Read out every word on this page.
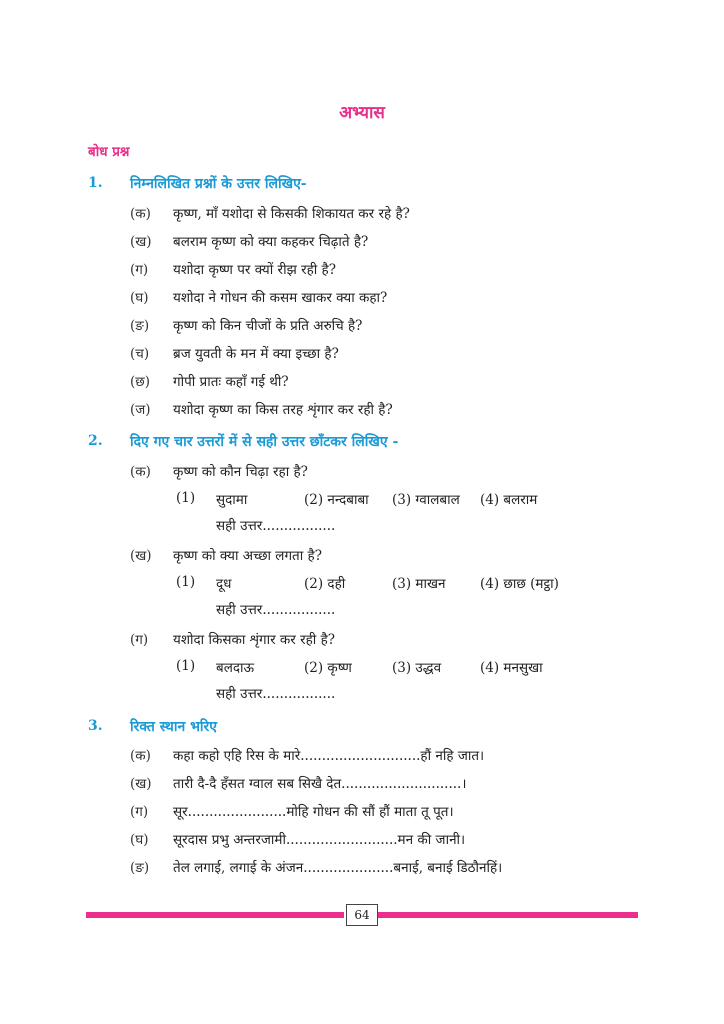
अभ्यास
बोध प्रश्न
1. निम्नलिखित प्रश्नों के उत्तर लिखिए-
(क) कृष्ण, माँ यशोदा से किसकी शिकायत कर रहे है?
(ख) बलराम कृष्ण को क्या कहकर चिढ़ाते है?
(ग) यशोदा कृष्ण पर क्यों रीझ रही है?
(घ) यशोदा ने गोधन की कसम खाकर क्या कहा?
(ङ) कृष्ण को किन चीजों के प्रति अरुचि है?
(च) ब्रज युवती के मन में क्या इच्छा है?
(छ) गोपी प्रातः कहाँ गई थी?
(ज) यशोदा कृष्ण का किस तरह शृंगार कर रही है?
2. दिए गए चार उत्तरों में से सही उत्तर छाँटकर लिखिए -
(क) कृष्ण को कौन चिढ़ा रहा है?
(1) सुदामा	(2) नन्दबाबा (3) ग्वालबाल (4) बलराम
सही उत्तर.................
(ख) कृष्ण को क्या अच्छा लगता है?
(1) दूध	(2) दही	(3) माखन	(4) छाछ (मट्ठा)
सही उत्तर.................
(ग) यशोदा किसका शृंगार कर रही है?
(1) बलदाऊ	(2) कृष्ण	(3) उद्धव	(4) मनसुखा
सही उत्तर.................
3. रिक्त स्थान भरिए
(क) कहा कहो एहि रिस के मारे............................हौं नहि जात।
(ख) तारी दै-दै हँसत ग्वाल सब सिखै देत............................।
(ग) सूर.......................मोहि गोधन की सौं हौं माता तू पूत।
(घ) सूरदास प्रभु अन्तरजामी..........................मन की जानी।
(ङ) तेल लगाई, लगाई के अंजन.....................बनाई, बनाई डिठौनहिं।
64
